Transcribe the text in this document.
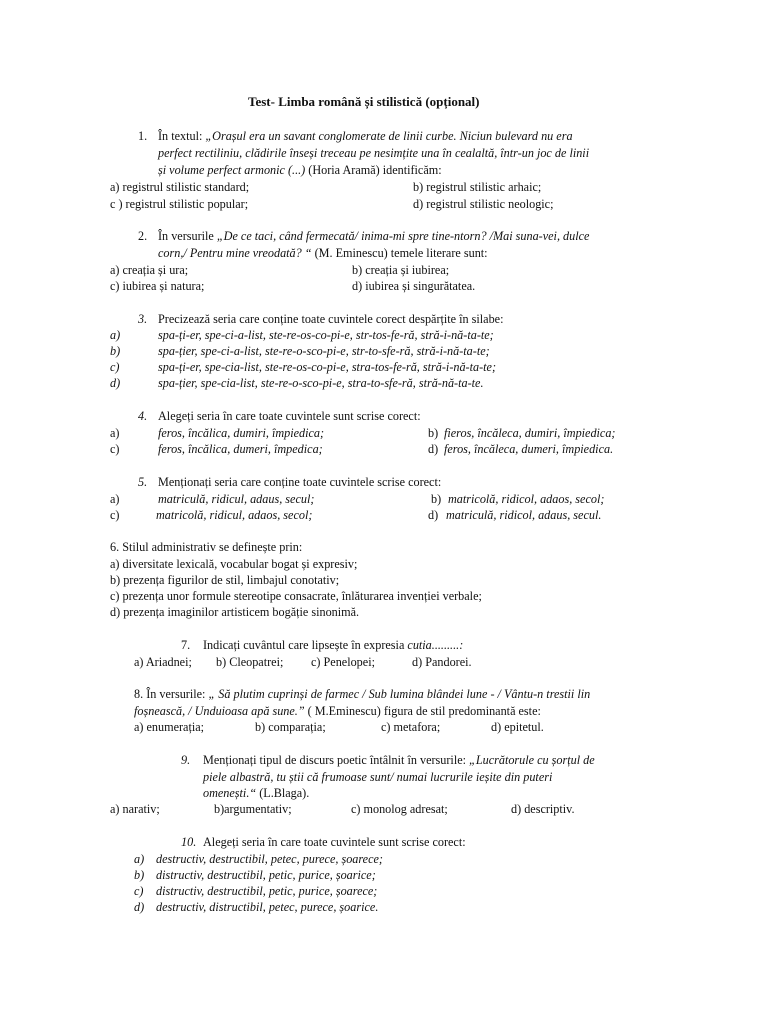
Test- Limba română și stilistică (opțional)
1. În textul: „Orașul era un savant conglomerate de linii curbe. Niciun bulevard nu era
perfect rectiliniu, clădirile înseși treceau pe nesimțite una în cealaltă, într-un joc de linii
și volume perfect armonic (...) (Horia Aramă) identificăm:
a) registrul stilistic standard;	b) registrul stilistic arhaic;
c ) registrul stilistic popular;	d) registrul stilistic neologic;
2. În versurile „De ce taci, când fermecată/ inima-mi spre tine-ntorn? /Mai suna-vei, dulce
corn,/ Pentru mine vreodată? “ (M. Eminescu) temele literare sunt:
a) creația și ura;	b) creația și iubirea;
c) iubirea și natura;	d) iubirea și singurătatea.
3. Precizează seria care conține toate cuvintele corect despărțite în silabe:
a)	spa-ți-er, spe-ci-a-list, ste-re-os-co-pi-e, str-tos-fe-ră, stră-i-nă-ta-te;
b)	spa-țier, spe-ci-a-list, ste-re-o-sco-pi-e, str-to-sfe-ră, stră-i-nă-ta-te;
c)	spa-ți-er, spe-cia-list, ste-re-os-co-pi-e, stra-tos-fe-ră, stră-i-nă-ta-te;
d)	spa-țier, spe-cia-list, ste-re-o-sco-pi-e, stra-to-sfe-ră, stră-nă-ta-te.
4. Alegeți seria în care toate cuvintele sunt scrise corect:
a)	feros, încălica, dumiri, împiedica;	b) fieros, încăleca, dumiri, împiedica;
c)	feros, încălica, dumeri, împedica;	d) feros, încăleca, dumeri, împiedica.
5. Menționați seria care conține toate cuvintele scrise corect:
a)	matriculă, ridicul, adaus, secul;	b) matricolă, ridicol, adaos, secol;
c)	matricolă, ridicul, adaos, secol;	d) matriculă, ridicol, adaus, secul.
6. Stilul administrativ se definește prin:
a) diversitate lexicală, vocabular bogat și expresiv;
b) prezența figurilor de stil, limbajul conotativ;
c) prezența unor formule stereotipe consacrate, înlăturarea invenției verbale;
d) prezența imaginilor artisticem bogăție sinonimă.
7. Indicați cuvântul care lipsește în expresia cutia.........:
a) Ariadnei; b) Cleopatrei; c) Penelopei;	d) Pandorei.
8. În versurile: „ Să plutim cuprinși de farmec / Sub lumina blândei lune - / Vântu-n trestii lin
foșnească, / Unduioasa apă sune.” ( M.Eminescu) figura de stil predominantă este:
a) enumerația;	b) comparația;	c) metafora;	d) epitetul.
9. Menționați tipul de discurs poetic întâlnit în versurile: „Lucrătorule cu șorțul de
piele albastră, tu știi că frumoase sunt/ numai lucrurile ieșite din puteri
omenești.“ (L.Blaga).
a) narativ;	b)argumentativ;	c) monolog adresat;	d) descriptiv.
10. Alegeți seria în care toate cuvintele sunt scrise corect:
a) destructiv, destructibil, petec, purece, șoarece;
b) distructiv, destructibil, petic, purice, șoarice;
c) distructiv, destructibil, petic, purice, șoarece;
d) destructiv, distructibil, petec, purece, șoarice.
